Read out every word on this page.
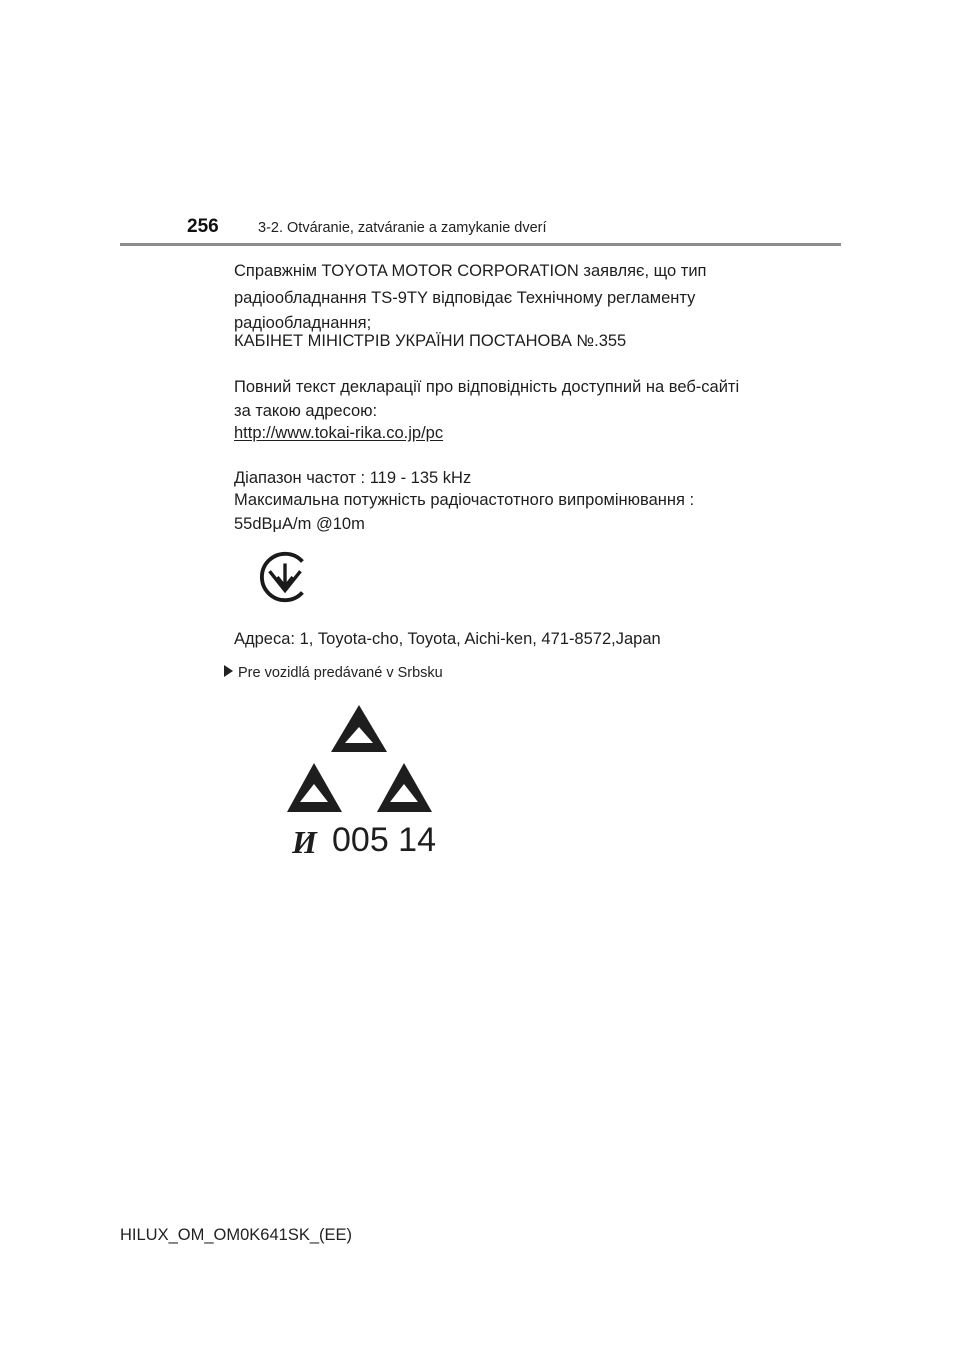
256	3-2. Otváranie, zatváranie a zamykanie dverí
Справжнім TOYOTA MOTOR CORPORATION заявляє, що тип
радіообладнання TS-9TY відповідає Технічному регламенту
радіообладнання;
КАБІНЕТ МІНІСТРІВ УКРАЇНИ ПОСТАНОВА №.355
Повний текст декларації про відповідність доступний на веб-сайті
за такою адресою:
http://www.tokai-rika.co.jp/pc
Діапазон частот : 119 - 135 kHz
Максимальна потужність радіочастотного випромінювання :
55dBμA/m @10m
Адреса: 1, Toyota-cho, Toyota, Aichi-ken, 471-8572,Japan
Pre vozidlá predávané v Srbsku
И 005 14
HILUX_OM_OM0K641SK_(EE)
